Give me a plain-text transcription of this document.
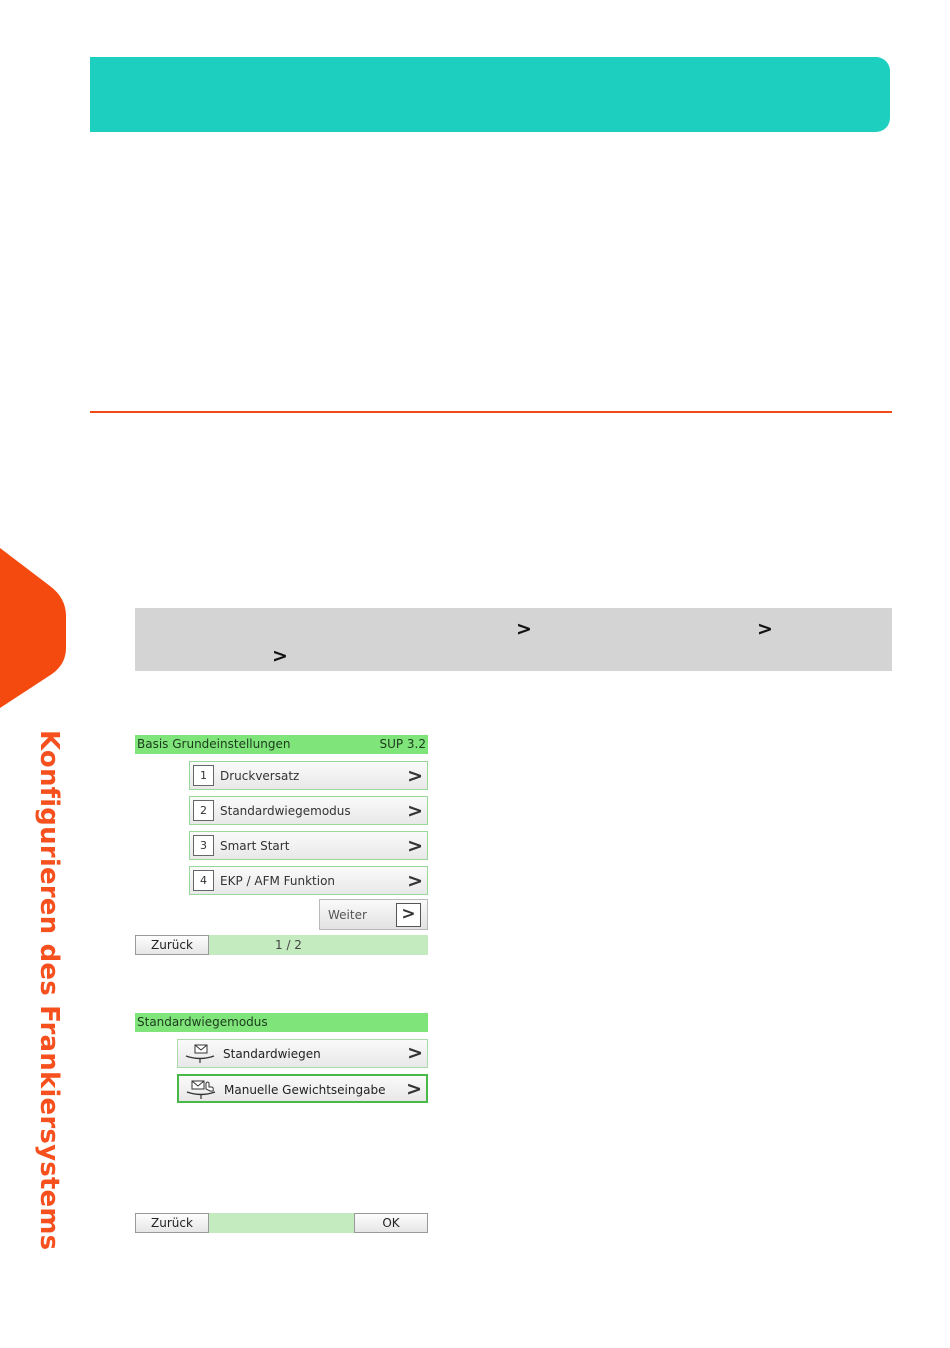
Konfigurieren des Frankiersystems
>	>
>
Basis Grundeinstellungen	SUP 3.2
1	Druckversatz	>
2	Standardwiegemodus	>
3	Smart Start	>
4	EKP / AFM Funktion	>
Weiter	>
Zurück	1 / 2
Standardwiegemodus
Standardwiegen	>
Manuelle Gewichtseingabe >
Zurück	OK
